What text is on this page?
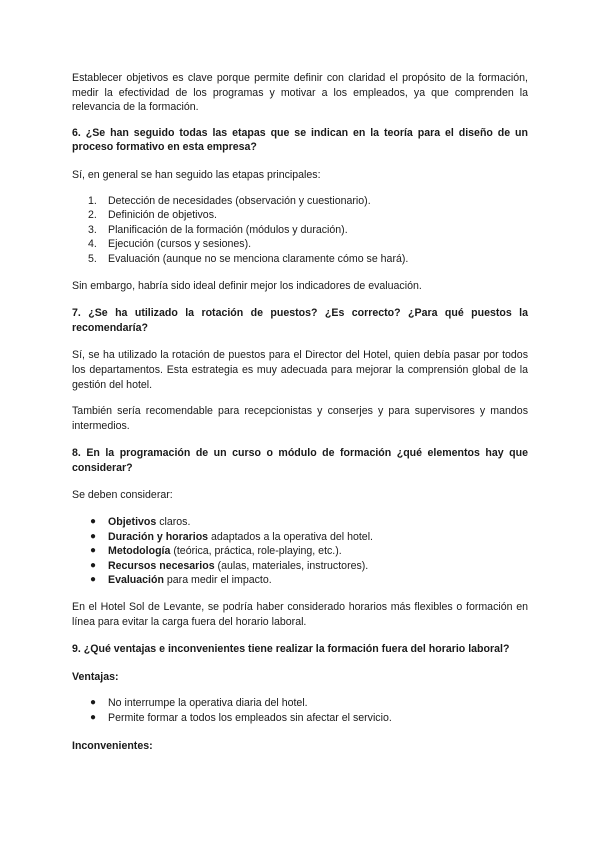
Establecer objetivos es clave porque permite definir con claridad el propósito de la formación, medir la efectividad de los programas y motivar a los empleados, ya que comprenden la relevancia de la formación.

6. ¿Se han seguido todas las etapas que se indican en la teoría para el diseño de un proceso formativo en esta empresa?

Sí, en general se han seguido las etapas principales:

1. Detección de necesidades (observación y cuestionario).
2. Definición de objetivos.
3. Planificación de la formación (módulos y duración).
4. Ejecución (cursos y sesiones).
5. Evaluación (aunque no se menciona claramente cómo se hará).

Sin embargo, habría sido ideal definir mejor los indicadores de evaluación.

7. ¿Se ha utilizado la rotación de puestos? ¿Es correcto? ¿Para qué puestos la recomendaría?

Sí, se ha utilizado la rotación de puestos para el Director del Hotel, quien debía pasar por todos los departamentos. Esta estrategia es muy adecuada para mejorar la comprensión global de la gestión del hotel.

También sería recomendable para recepcionistas y conserjes y para supervisores y mandos intermedios.

8. En la programación de un curso o módulo de formación ¿qué elementos hay que considerar?

Se deben considerar:

● Objetivos claros.
● Duración y horarios adaptados a la operativa del hotel.
● Metodología (teórica, práctica, role-playing, etc.).
● Recursos necesarios (aulas, materiales, instructores).
● Evaluación para medir el impacto.

En el Hotel Sol de Levante, se podría haber considerado horarios más flexibles o formación en línea para evitar la carga fuera del horario laboral.

9. ¿Qué ventajas e inconvenientes tiene realizar la formación fuera del horario laboral?

Ventajas:

● No interrumpe la operativa diaria del hotel.
● Permite formar a todos los empleados sin afectar el servicio.

Inconvenientes:
